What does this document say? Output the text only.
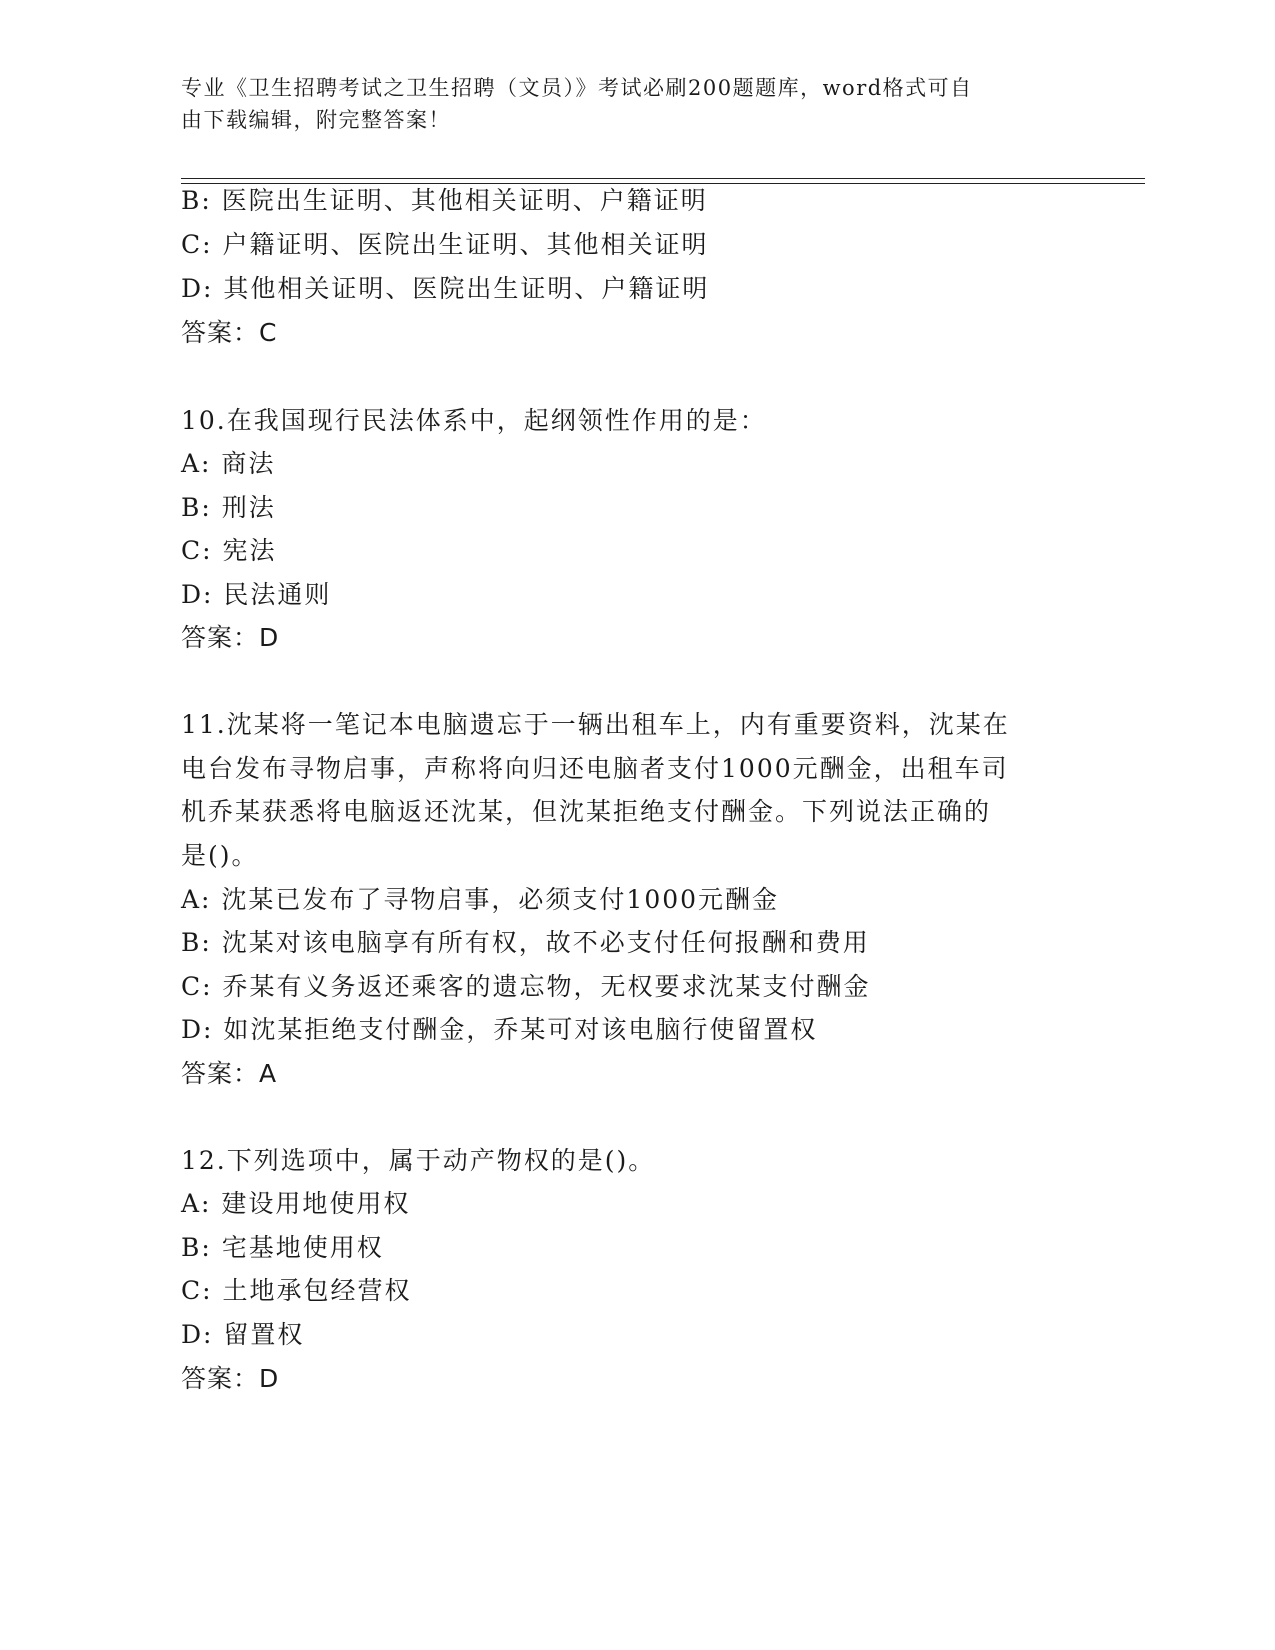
专业《卫生招聘考试之卫生招聘（文员）》考试必刷200题题库，word格式可自
由下载编辑，附完整答案！
B: 医院出生证明、其他相关证明、户籍证明
C: 户籍证明、医院出生证明、其他相关证明
D: 其他相关证明、医院出生证明、户籍证明
答案：C
10.在我国现行民法体系中，起纲领性作用的是：
A: 商法
B: 刑法
C: 宪法
D: 民法通则
答案：D
11.沈某将一笔记本电脑遗忘于一辆出租车上，内有重要资料，沈某在
电台发布寻物启事，声称将向归还电脑者支付1000元酬金，出租车司
机乔某获悉将电脑返还沈某，但沈某拒绝支付酬金。下列说法正确的
是()。
A: 沈某已发布了寻物启事，必须支付1000元酬金
B: 沈某对该电脑享有所有权，故不必支付任何报酬和费用
C: 乔某有义务返还乘客的遗忘物，无权要求沈某支付酬金
D: 如沈某拒绝支付酬金，乔某可对该电脑行使留置权
答案：A
12.下列选项中，属于动产物权的是()。
A: 建设用地使用权
B: 宅基地使用权
C: 土地承包经营权
D: 留置权
答案：D
